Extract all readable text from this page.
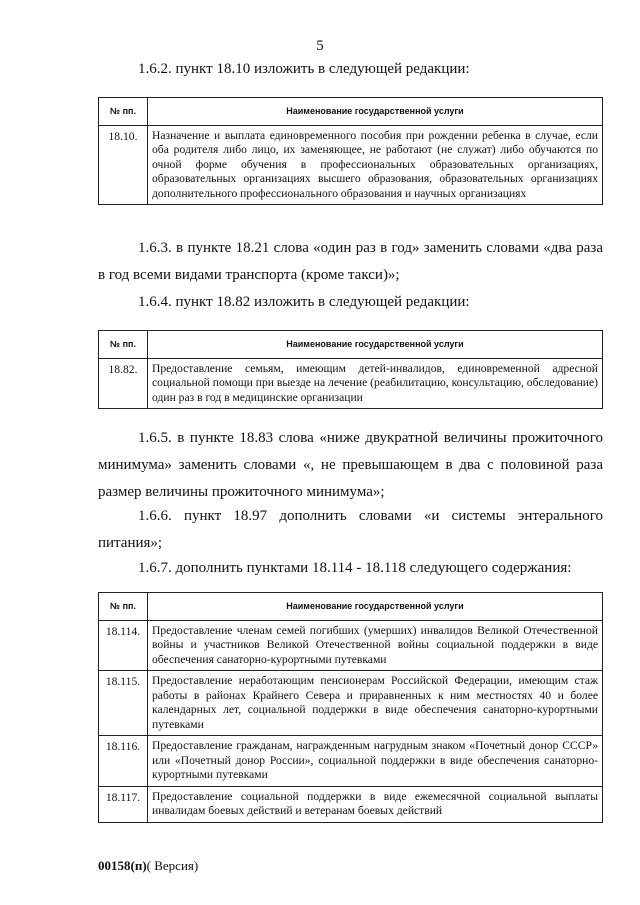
5
1.6.2. пункт 18.10 изложить в следующей редакции:
№ пп.	Наименование государственной услуги
18.10.	Назначение и выплата единовременного пособия при рождении ребенка в случае, если оба родителя либо лицо, их заменяющее, не работают (не служат) либо обучаются по очной форме обучения в профессиональных образовательных организациях, образовательных организациях высшего образования, образовательных организациях дополнительного профессионального образования и научных организациях
1.6.3. в пункте 18.21 слова «один раз в год» заменить словами «два раза в год всеми видами транспорта (кроме такси)»;
1.6.4. пункт 18.82 изложить в следующей редакции:
№ пп.	Наименование государственной услуги
18.82.	Предоставление семьям, имеющим детей-инвалидов, единовременной адресной социальной помощи при выезде на лечение (реабилитацию, консультацию, обследование) один раз в год в медицинские организации
1.6.5. в пункте 18.83 слова «ниже двукратной величины прожиточного минимума» заменить словами «, не превышающем в два с половиной раза размер величины прожиточного минимума»;
1.6.6. пункт 18.97 дополнить словами «и системы энтерального питания»;
1.6.7. дополнить пунктами 18.114 - 18.118 следующего содержания:
№ пп.	Наименование государственной услуги
18.114.	Предоставление членам семей погибших (умерших) инвалидов Великой Отечественной войны и участников Великой Отечественной войны социальной поддержки в виде обеспечения санаторно-курортными путевками
18.115.	Предоставление неработающим пенсионерам Российской Федерации, имеющим стаж работы в районах Крайнего Севера и приравненных к ним местностях 40 и более календарных лет, социальной поддержки в виде обеспечения санаторно-курортными путевками
18.116.	Предоставление гражданам, награжденным нагрудным знаком «Почетный донор СССР» или «Почетный донор России», социальной поддержки в виде обеспечения санаторно-курортными путевками
18.117.	Предоставление социальной поддержки в виде ежемесячной социальной выплаты инвалидам боевых действий и ветеранам боевых действий
00158(п)( Версия)
